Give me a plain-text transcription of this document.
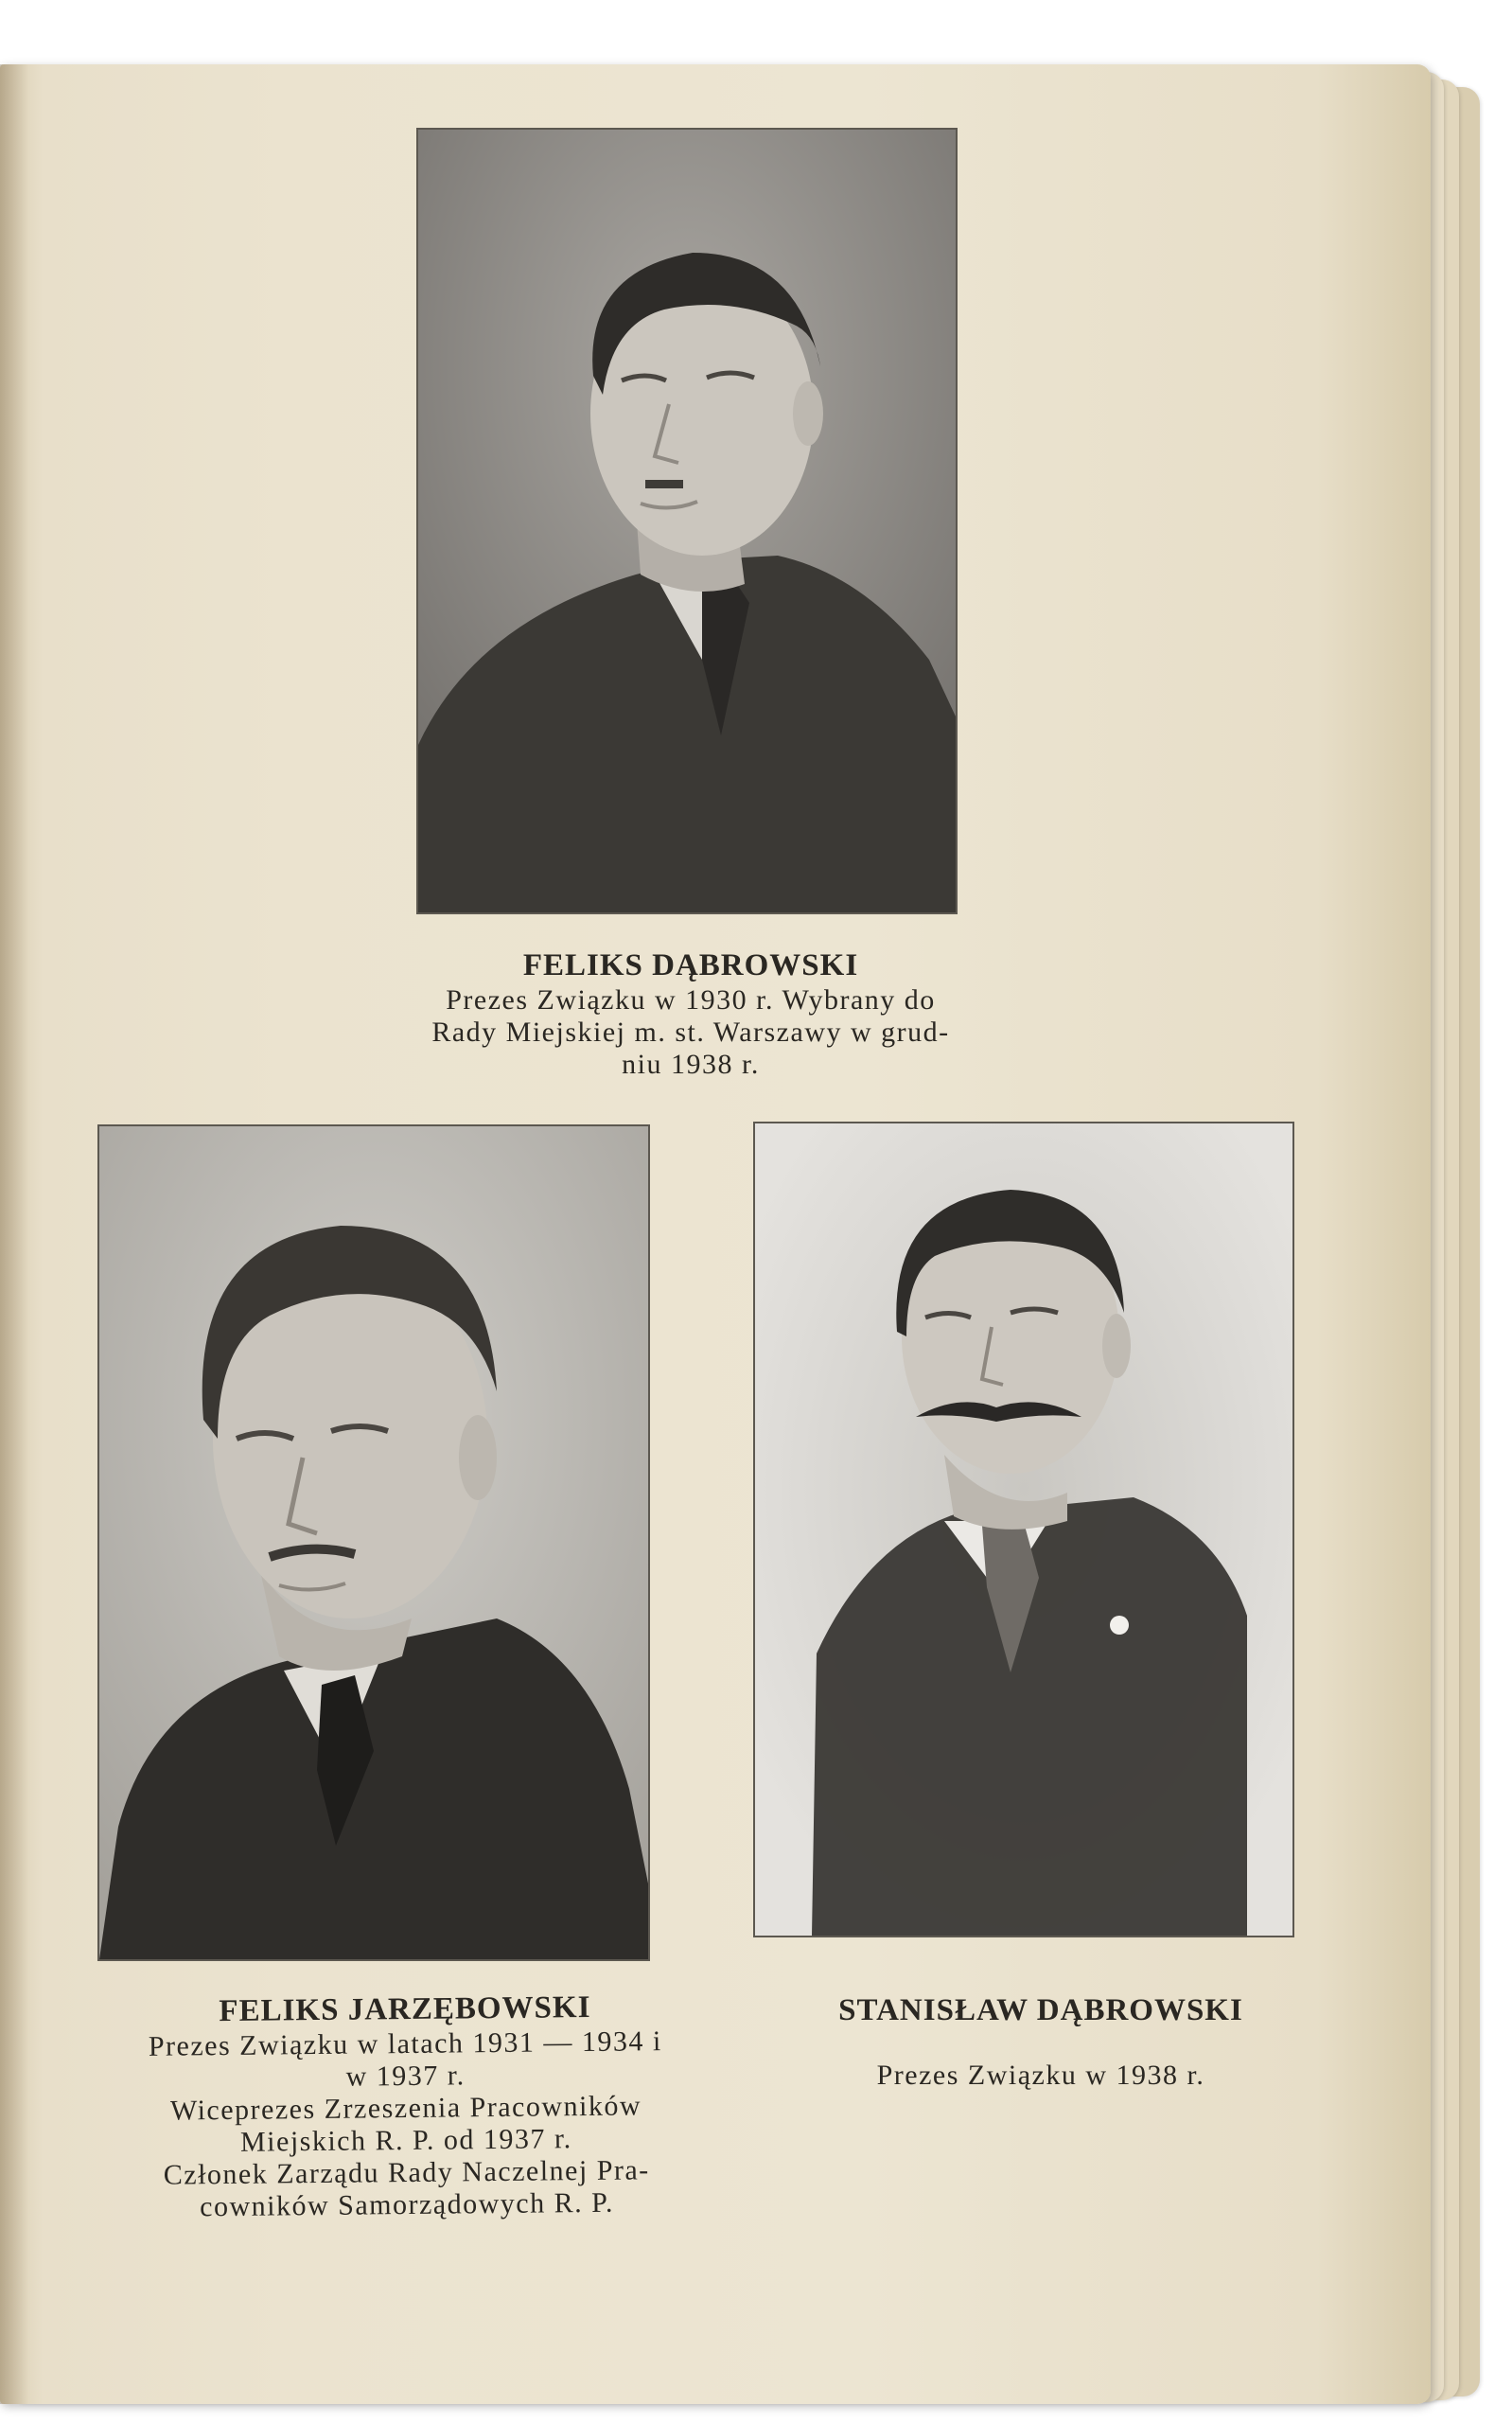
FELIKS DĄBROWSKI
Prezes Związku w 1930 r. Wybrany do
Rady Miejskiej m. st. Warszawy w grud-
niu 1938 r.
FELIKS JARZĘBOWSKI
Prezes Związku w latach 1931 — 1934 i
w 1937 r.
Wiceprezes Zrzeszenia Pracowników
Miejskich R. P. od 1937 r.
Członek Zarządu Rady Naczelnej Pra-
cowników Samorządowych R. P.
STANISŁAW DĄBROWSKI
Prezes Związku w 1938 r.
